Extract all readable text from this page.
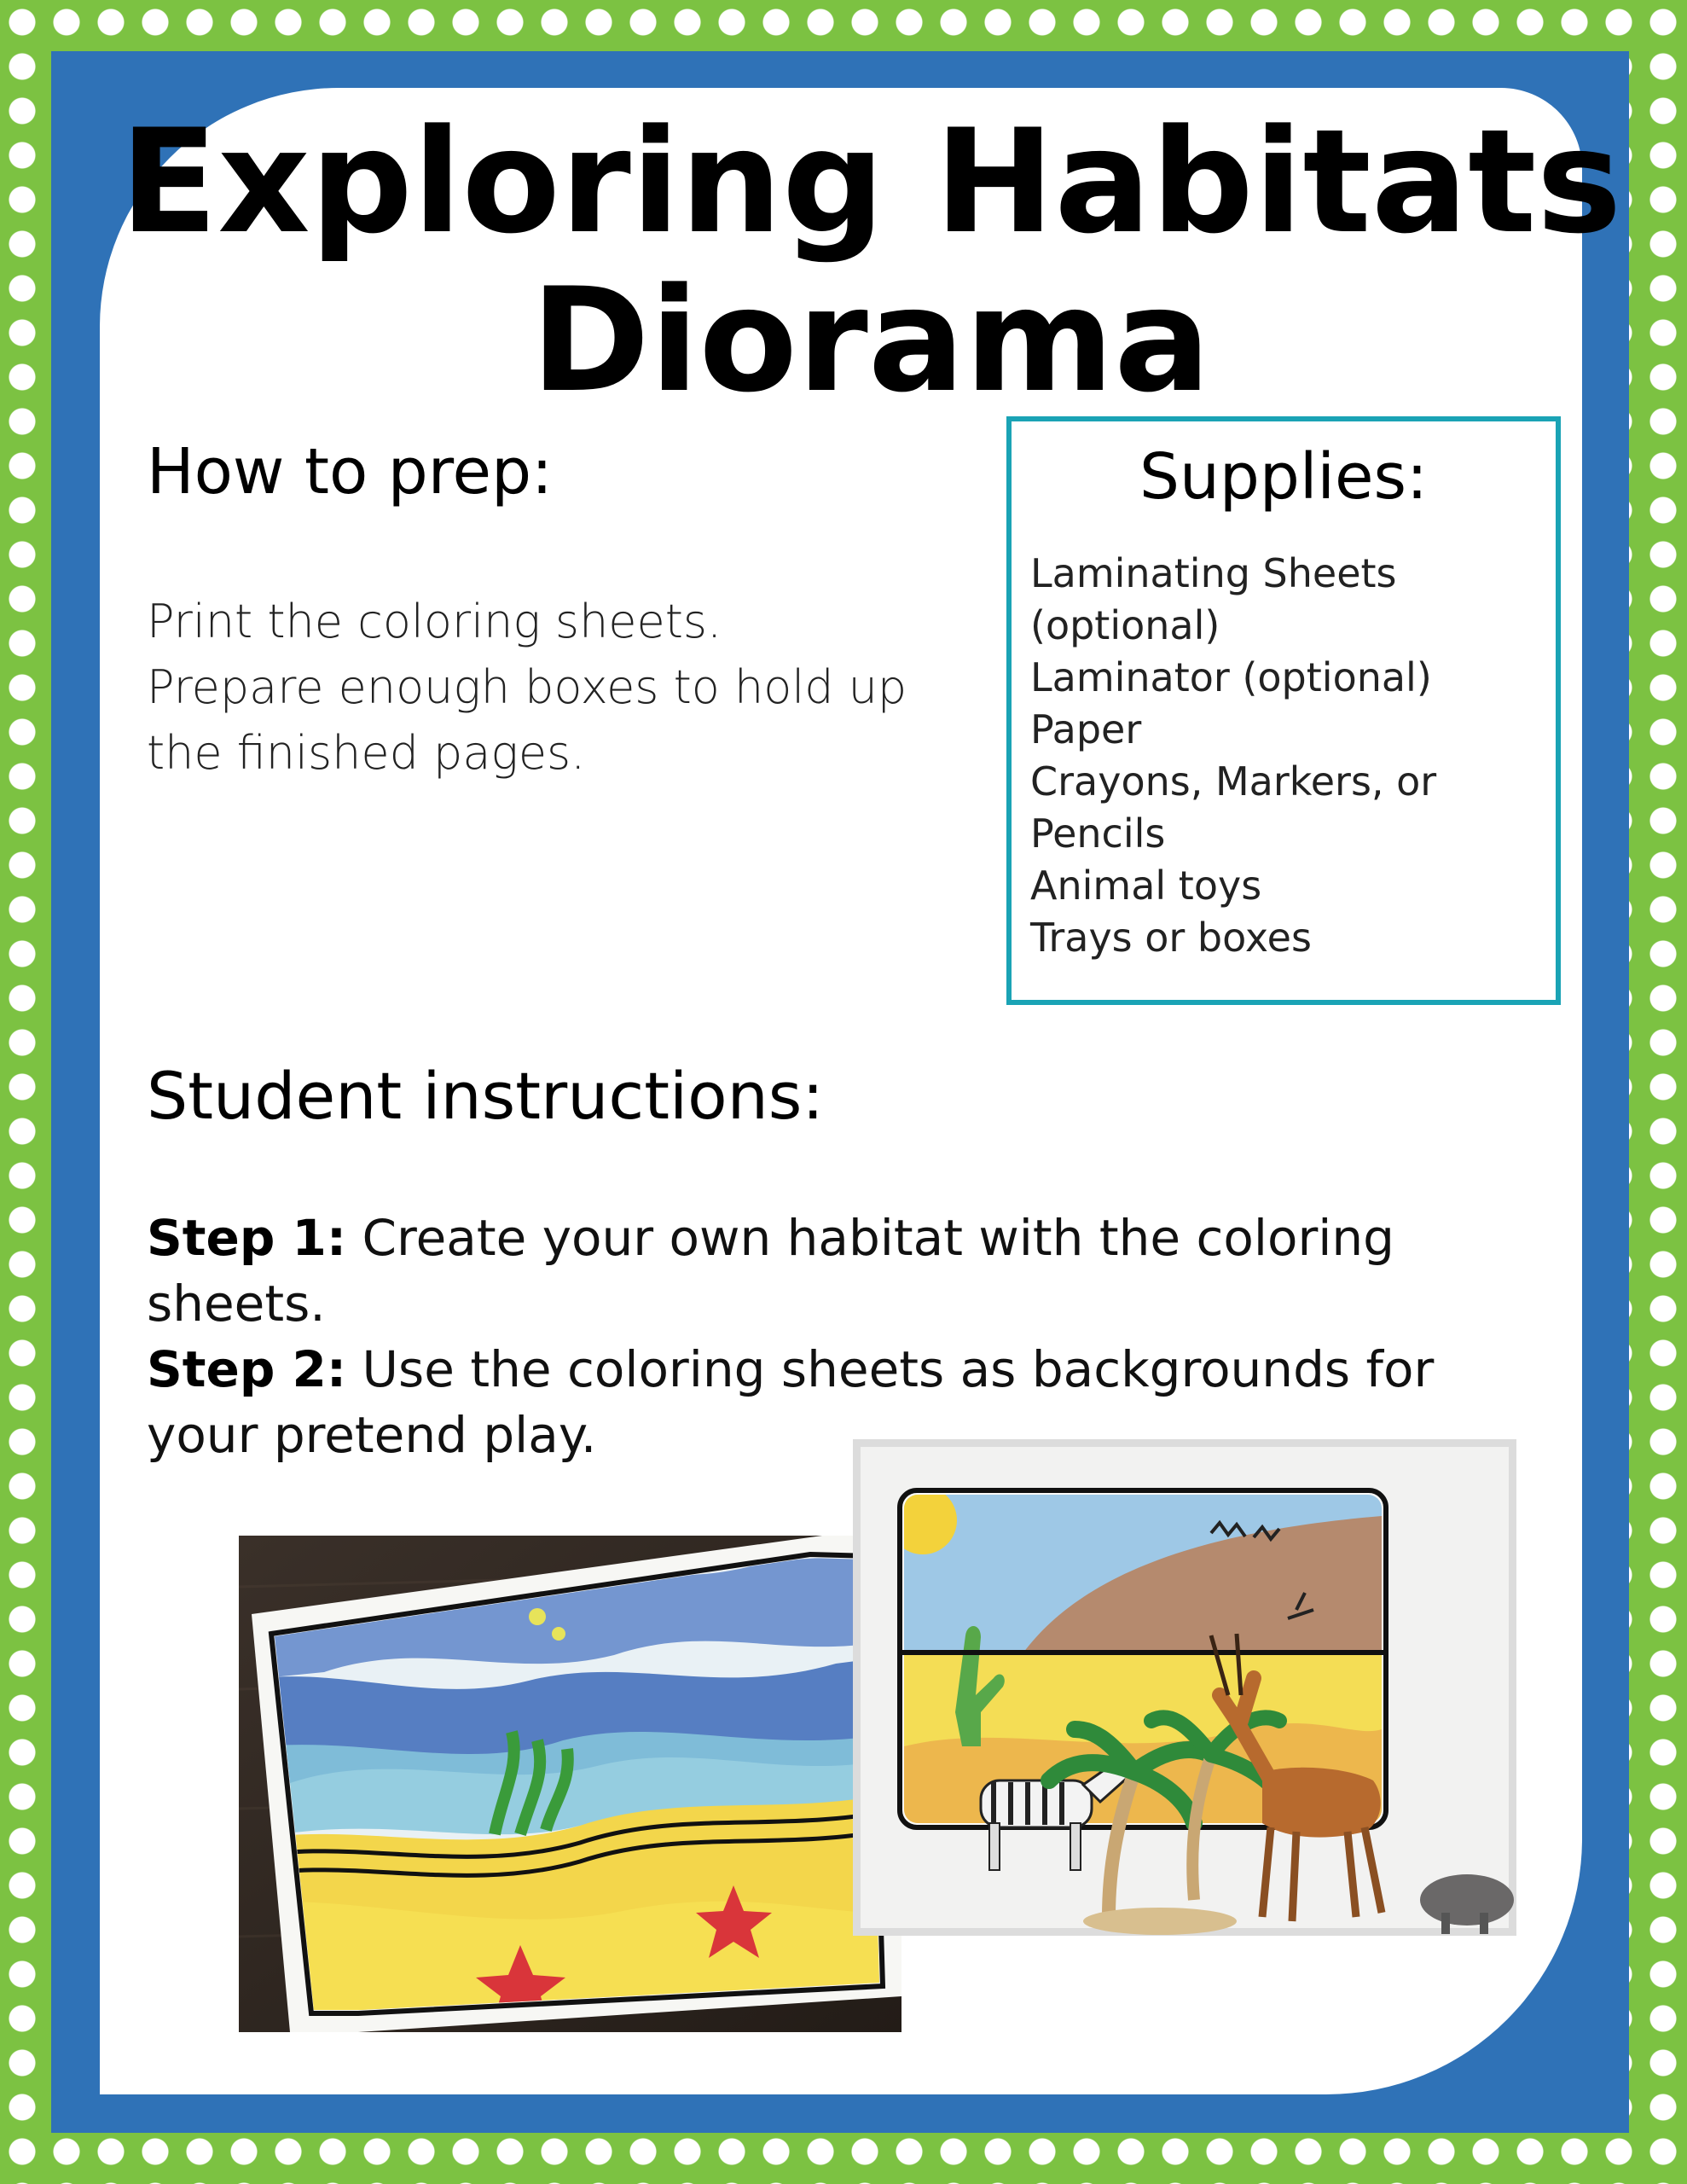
Exploring Habitats
Diorama
How to prep:
Print the coloring sheets.
Prepare enough boxes to hold up
the finished pages.
Supplies:
Laminating Sheets (optional)
Laminator (optional)
Paper
Crayons, Markers, or Pencils
Animal toys
Trays or boxes
Student instructions:
Step 1: Create your own habitat with the coloring sheets.
Step 2: Use the coloring sheets as backgrounds for your pretend play.
